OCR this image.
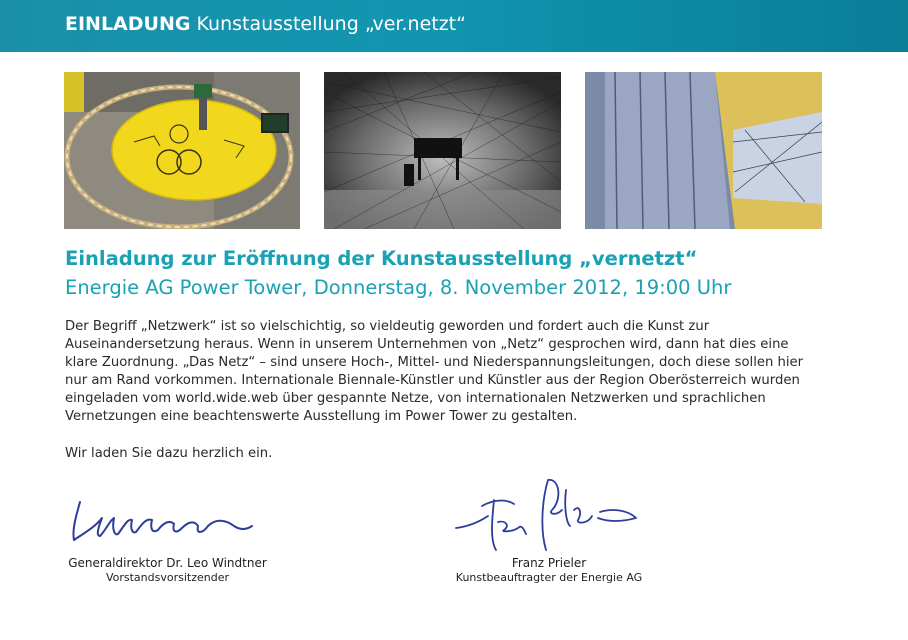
EINLADUNG Kunstausstellung „ver.netzt“
Einladung zur Eröffnung der Kunstausstellung „vernetzt“
Energie AG Power Tower, Donnerstag, 8. November 2012, 19:00 Uhr
Der Begriff „Netzwerk“ ist so vielschichtig, so vieldeutig geworden und fordert auch die Kunst zur
Auseinandersetzung heraus. Wenn in unserem Unternehmen von „Netz“ gesprochen wird, dann hat dies eine
klare Zuordnung. „Das Netz“ – sind unsere Hoch-, Mittel- und Niederspannungsleitungen, doch diese sollen hier
nur am Rand vorkommen. Internationale Biennale-Künstler und Künstler aus der Region Oberösterreich wurden
eingeladen vom world.wide.web über gespannte Netze, von internationalen Netzwerken und sprachlichen
Vernetzungen eine beachtenswerte Ausstellung im Power Tower zu gestalten.
Wir laden Sie dazu herzlich ein.
Generaldirektor Dr. Leo Windtner
Vorstandsvorsitzender
Franz Prieler
Kunstbeauftragter der Energie AG
